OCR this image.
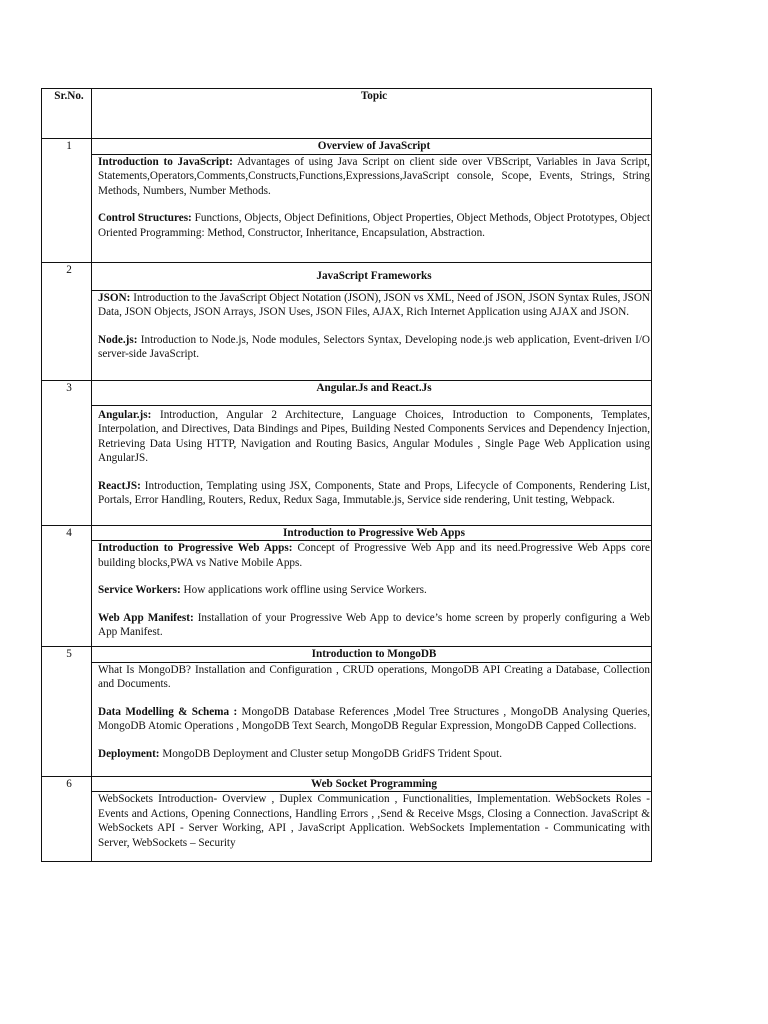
Sr.No.	Topic
1	Overview of JavaScript

	Introduction to JavaScript: Advantages of using Java Script on client side over VBScript, Variables in Java Script, Statements,Operators,Comments,Constructs,Functions,Expressions,JavaScript console, Scope, Events, Strings, String Methods, Numbers, Number Methods.
Control Structures: Functions, Objects, Object Definitions, Object Properties, Object Methods, Object Prototypes, Object Oriented Programming: Method, Constructor, Inheritance, Encapsulation, Abstraction.

2	JavaScript Frameworks

	JSON: Introduction to the JavaScript Object Notation (JSON), JSON vs XML, Need of JSON, JSON Syntax Rules, JSON Data, JSON Objects, JSON Arrays, JSON Uses, JSON Files, AJAX, Rich Internet Application using AJAX and JSON.
Node.js: Introduction to Node.js, Node modules, Selectors Syntax, Developing node.js web application, Event-driven I/O server-side JavaScript.

3	Angular.Js and React.Js

	Angular.js: Introduction, Angular 2 Architecture, Language Choices, Introduction to Components, Templates, Interpolation, and Directives, Data Bindings and Pipes, Building Nested Components Services and Dependency Injection, Retrieving Data Using HTTP, Navigation and Routing Basics, Angular Modules , Single Page Web Application using AngularJS.
ReactJS: Introduction, Templating using JSX, Components, State and Props, Lifecycle of Components, Rendering List, Portals, Error Handling, Routers, Redux, Redux Saga, Immutable.js, Service side rendering, Unit testing, Webpack.

4	Introduction to Progressive Web Apps

	Introduction to Progressive Web Apps: Concept of Progressive Web App and its need.Progressive Web Apps core building blocks,PWA vs Native Mobile Apps.
Service Workers: How applications work offline using Service Workers.
Web App Manifest: Installation of your Progressive Web App to device’s home screen by properly configuring a Web App Manifest.

5	Introduction to MongoDB

	What Is MongoDB? Installation and Configuration , CRUD operations, MongoDB API Creating a Database, Collection and Documents.
Data Modelling & Schema : MongoDB Database References ,Model Tree Structures , MongoDB Analysing Queries, MongoDB Atomic Operations , MongoDB Text Search, MongoDB Regular Expression, MongoDB Capped Collections.
Deployment: MongoDB Deployment and Cluster setup MongoDB GridFS Trident Spout.

6	Web Socket Programming

	WebSockets Introduction- Overview , Duplex Communication , Functionalities, Implementation. WebSockets Roles - Events and Actions, Opening Connections, Handling Errors , ,Send & Receive Msgs, Closing a Connection. JavaScript & WebSockets API - Server Working, API , JavaScript Application. WebSockets Implementation - Communicating with Server, WebSockets – Security
